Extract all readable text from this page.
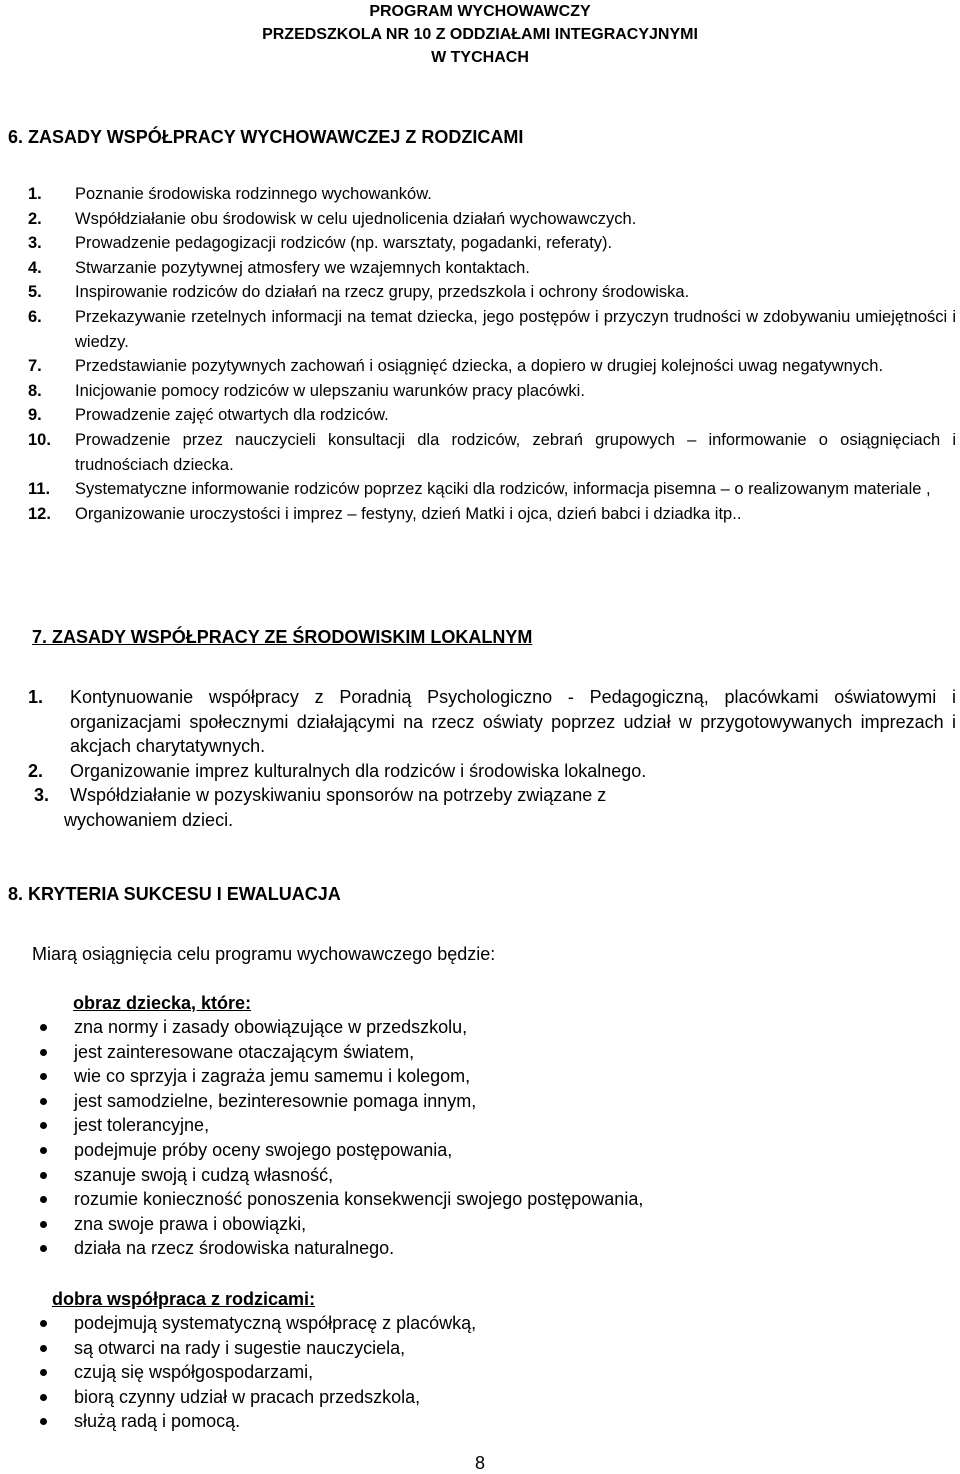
PROGRAM WYCHOWAWCZY
PRZEDSZKOLA NR 10 Z ODDZIAŁAMI INTEGRACYJNYMI
W TYCHACH
6. ZASADY WSPÓŁPRACY WYCHOWAWCZEJ Z RODZICAMI
1. Poznanie środowiska rodzinnego wychowanków.
2. Współdziałanie obu środowisk w celu ujednolicenia działań wychowawczych.
3. Prowadzenie pedagogizacji rodziców (np. warsztaty, pogadanki, referaty).
4. Stwarzanie pozytywnej atmosfery we wzajemnych kontaktach.
5. Inspirowanie rodziców do działań na rzecz grupy, przedszkola i ochrony środowiska.
6. Przekazywanie rzetelnych informacji na temat dziecka, jego postępów i przyczyn trudności w zdobywaniu umiejętności i wiedzy.
7. Przedstawianie pozytywnych zachowań i osiągnięć dziecka, a dopiero w drugiej kolejności uwag negatywnych.
8. Inicjowanie pomocy rodziców w ulepszaniu warunków pracy placówki.
9. Prowadzenie zajęć otwartych dla rodziców.
10. Prowadzenie przez nauczycieli konsultacji dla rodziców, zebrań grupowych – informowanie o osiągnięciach i trudnościach dziecka.
11. Systematyczne informowanie rodziców poprzez kąciki dla rodziców, informacja pisemna – o realizowanym materiale ,
12. Organizowanie uroczystości i imprez – festyny, dzień Matki i ojca, dzień babci i dziadka itp..
7. ZASADY WSPÓŁPRACY ZE ŚRODOWISKIM LOKALNYM
1. Kontynuowanie współpracy z Poradnią Psychologiczno - Pedagogiczną, placówkami oświatowymi i organizacjami społecznymi działającymi na rzecz oświaty poprzez udział w przygotowywanych imprezach i akcjach charytatywnych.
2. Organizowanie imprez kulturalnych dla rodziców i środowiska lokalnego.
3. Współdziałanie w pozyskiwaniu sponsorów na potrzeby związane z wychowaniem dzieci.
8. KRYTERIA SUKCESU I EWALUACJA
Miarą osiągnięcia celu programu wychowawczego będzie:
obraz dziecka, które:
zna normy i zasady obowiązujące w przedszkolu,
jest zainteresowane otaczającym światem,
wie co sprzyja i zagraża jemu samemu i kolegom,
jest samodzielne, bezinteresownie pomaga innym,
jest tolerancyjne,
podejmuje próby oceny swojego postępowania,
szanuje swoją i cudzą własność,
rozumie konieczność ponoszenia konsekwencji swojego postępowania,
zna swoje prawa i obowiązki,
działa na rzecz środowiska naturalnego.
dobra współpraca z rodzicami:
podejmują systematyczną współpracę z placówką,
są otwarci na rady i sugestie nauczyciela,
czują się współgospodarzami,
biorą czynny udział w pracach przedszkola,
służą radą i pomocą.
8
